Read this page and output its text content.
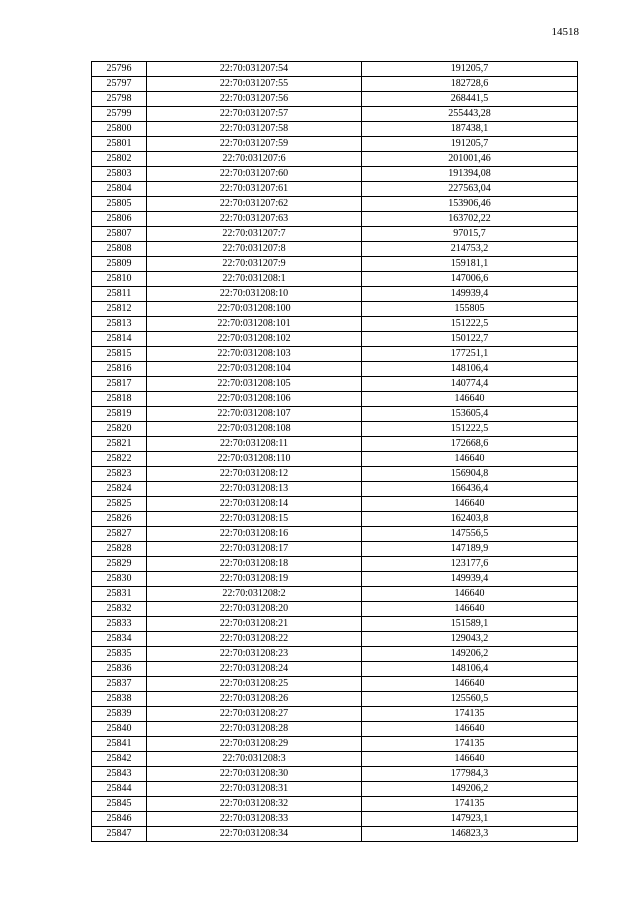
14518
25796	22:70:031207:54	191205,7
25797	22:70:031207:55	182728,6
25798	22:70:031207:56	268441,5
25799	22:70:031207:57	255443,28
25800	22:70:031207:58	187438,1
25801	22:70:031207:59	191205,7
25802	22:70:031207:6	201001,46
25803	22:70:031207:60	191394,08
25804	22:70:031207:61	227563,04
25805	22:70:031207:62	153906,46
25806	22:70:031207:63	163702,22
25807	22:70:031207:7	97015,7
25808	22:70:031207:8	214753,2
25809	22:70:031207:9	159181,1
25810	22:70:031208:1	147006,6
25811	22:70:031208:10	149939,4
25812	22:70:031208:100	155805
25813	22:70:031208:101	151222,5
25814	22:70:031208:102	150122,7
25815	22:70:031208:103	177251,1
25816	22:70:031208:104	148106,4
25817	22:70:031208:105	140774,4
25818	22:70:031208:106	146640
25819	22:70:031208:107	153605,4
25820	22:70:031208:108	151222,5
25821	22:70:031208:11	172668,6
25822	22:70:031208:110	146640
25823	22:70:031208:12	156904,8
25824	22:70:031208:13	166436,4
25825	22:70:031208:14	146640
25826	22:70:031208:15	162403,8
25827	22:70:031208:16	147556,5
25828	22:70:031208:17	147189,9
25829	22:70:031208:18	123177,6
25830	22:70:031208:19	149939,4
25831	22:70:031208:2	146640
25832	22:70:031208:20	146640
25833	22:70:031208:21	151589,1
25834	22:70:031208:22	129043,2
25835	22:70:031208:23	149206,2
25836	22:70:031208:24	148106,4
25837	22:70:031208:25	146640
25838	22:70:031208:26	125560,5
25839	22:70:031208:27	174135
25840	22:70:031208:28	146640
25841	22:70:031208:29	174135
25842	22:70:031208:3	146640
25843	22:70:031208:30	177984,3
25844	22:70:031208:31	149206,2
25845	22:70:031208:32	174135
25846	22:70:031208:33	147923,1
25847	22:70:031208:34	146823,3
